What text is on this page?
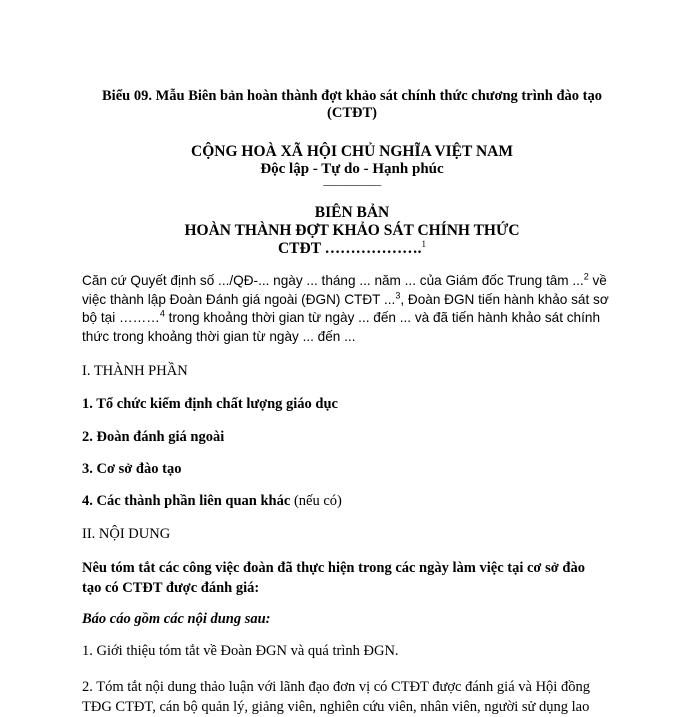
Biểu 09. Mẫu Biên bản hoàn thành đợt khảo sát chính thức chương trình đào tạo
(CTĐT)
CỘNG HOÀ XÃ HỘI CHỦ NGHĨA VIỆT NAM
Độc lập - Tự do - Hạnh phúc
—————
BIÊN BẢN
HOÀN THÀNH ĐỢT KHẢO SÁT CHÍNH THỨC
CTĐT ……………….$^1$
Căn cứ Quyết định số .../QĐ-... ngày ... tháng ... năm ... của Giám đốc Trung tâm ...$^2$ về việc thành lập Đoàn Đánh giá ngoài (ĐGN) CTĐT ...$^3$, Đoàn ĐGN tiến hành khảo sát sơ bộ tại ………$^4$ trong khoảng thời gian từ ngày ... đến ... và đã tiến hành khảo sát chính thức trong khoảng thời gian từ ngày ... đến ...
I. THÀNH PHẦN
1. Tổ chức kiểm định chất lượng giáo dục
2. Đoàn đánh giá ngoài
3. Cơ sở đào tạo
4. Các thành phần liên quan khác (nếu có)
II. NỘI DUNG
Nêu tóm tắt các công việc đoàn đã thực hiện trong các ngày làm việc tại cơ sở đào
tạo có CTĐT được đánh giá:
Báo cáo gồm các nội dung sau:
1. Giới thiệu tóm tắt về Đoàn ĐGN và quá trình ĐGN.
2. Tóm tắt nội dung thảo luận với lãnh đạo đơn vị có CTĐT được đánh giá và Hội đồng
TĐG CTĐT, cán bộ quản lý, giảng viên, nghiên cứu viên, nhân viên, người sử dụng lao
